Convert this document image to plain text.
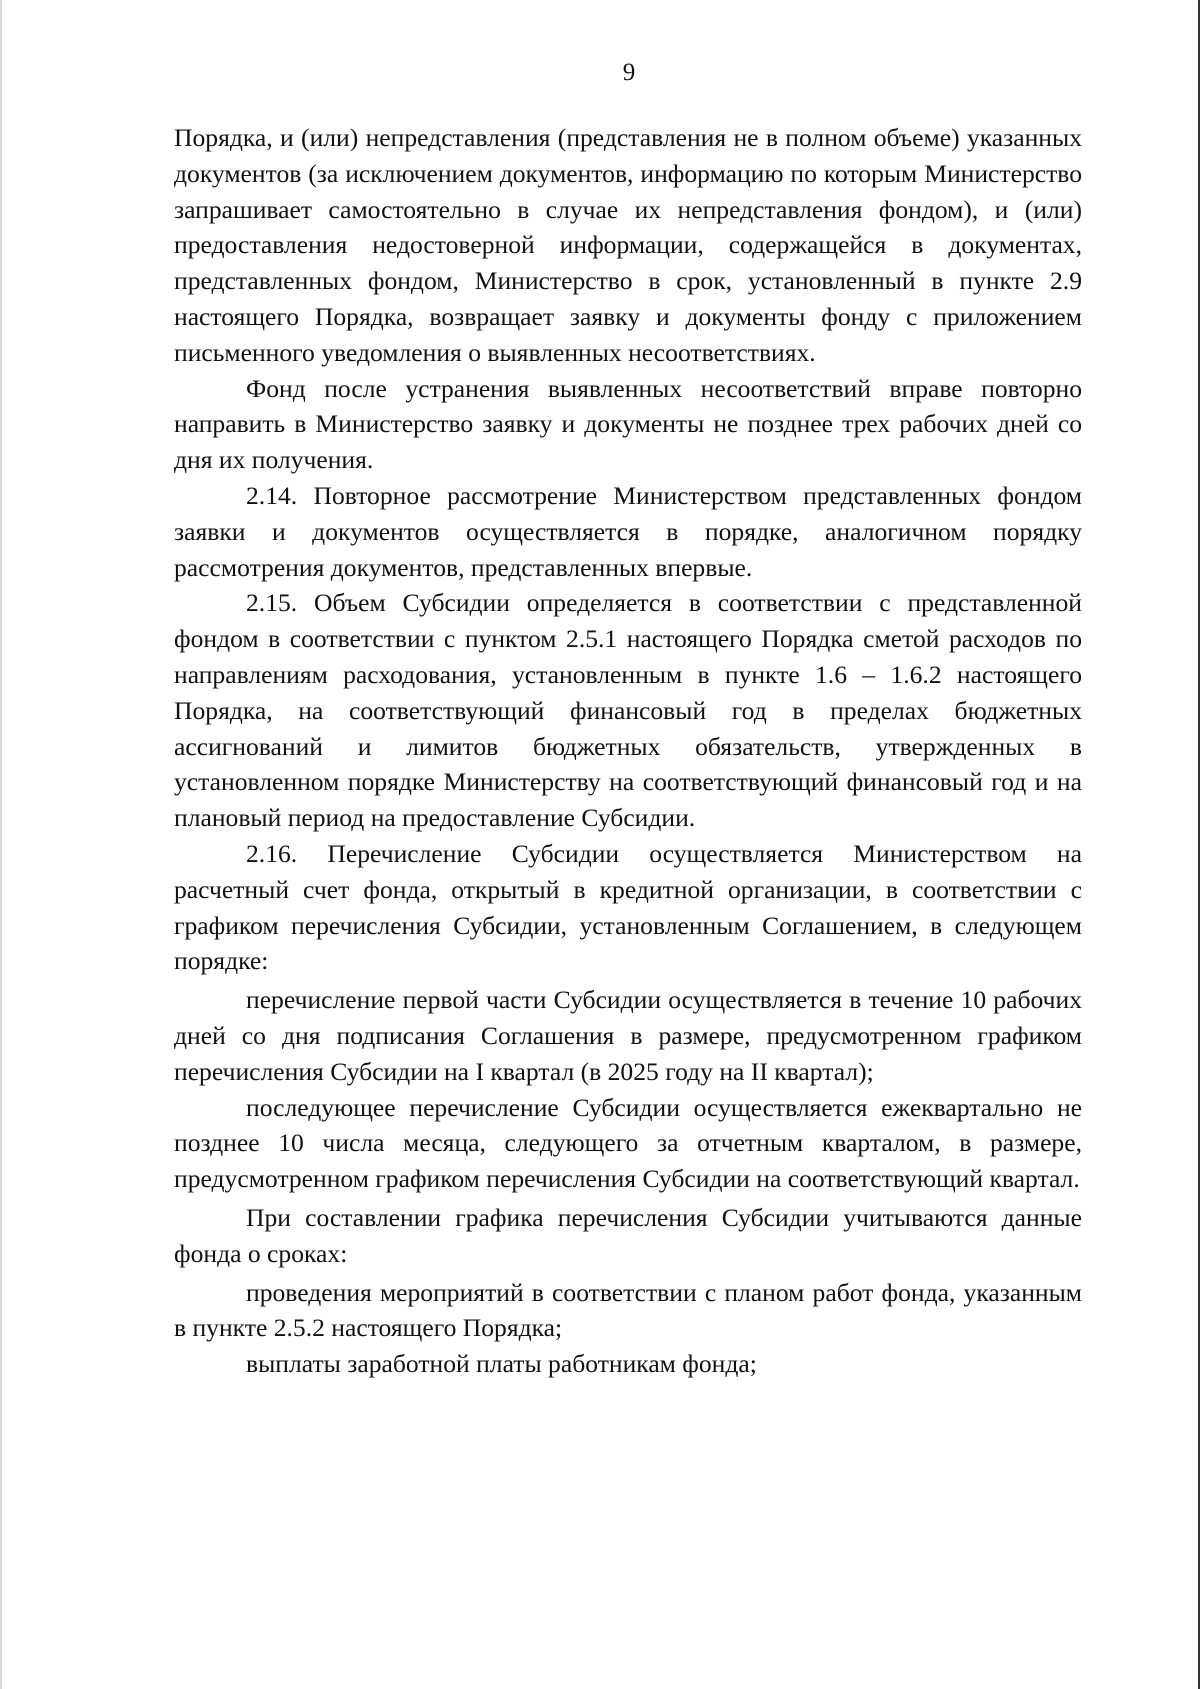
9

Порядка, и (или) непредставления (представления не в полном объеме) указанных документов (за исключением документов, информацию по которым Министерство запрашивает самостоятельно в случае их непредставления фондом), и (или) предоставления недостоверной информации, содержащейся в документах, представленных фондом, Министерство в срок, установленный в пункте 2.9 настоящего Порядка, возвращает заявку и документы фонду с приложением письменного уведомления о выявленных несоответствиях.

Фонд после устранения выявленных несоответствий вправе повторно направить в Министерство заявку и документы не позднее трех рабочих дней со дня их получения.

2.14. Повторное рассмотрение Министерством представленных фондом заявки и документов осуществляется в порядке, аналогичном порядку рассмотрения документов, представленных впервые.

2.15. Объем Субсидии определяется в соответствии с представленной фондом в соответствии с пунктом 2.5.1 настоящего Порядка сметой расходов по направлениям расходования, установленным в пункте 1.6 – 1.6.2 настоящего Порядка, на соответствующий финансовый год в пределах бюджетных ассигнований и лимитов бюджетных обязательств, утвержденных в установленном порядке Министерству на соответствующий финансовый год и на плановый период на предоставление Субсидии.

2.16. Перечисление Субсидии осуществляется Министерством на расчетный счет фонда, открытый в кредитной организации, в соответствии с графиком перечисления Субсидии, установленным Соглашением, в следующем порядке:

перечисление первой части Субсидии осуществляется в течение 10 рабочих дней со дня подписания Соглашения в размере, предусмотренном графиком перечисления Субсидии на I квартал (в 2025 году на II квартал);

последующее перечисление Субсидии осуществляется ежеквартально не позднее 10 числа месяца, следующего за отчетным кварталом, в размере, предусмотренном графиком перечисления Субсидии на соответствующий квартал.

При составлении графика перечисления Субсидии учитываются данные фонда о сроках:

проведения мероприятий в соответствии с планом работ фонда, указанным в пункте 2.5.2 настоящего Порядка;

выплаты заработной платы работникам фонда;
